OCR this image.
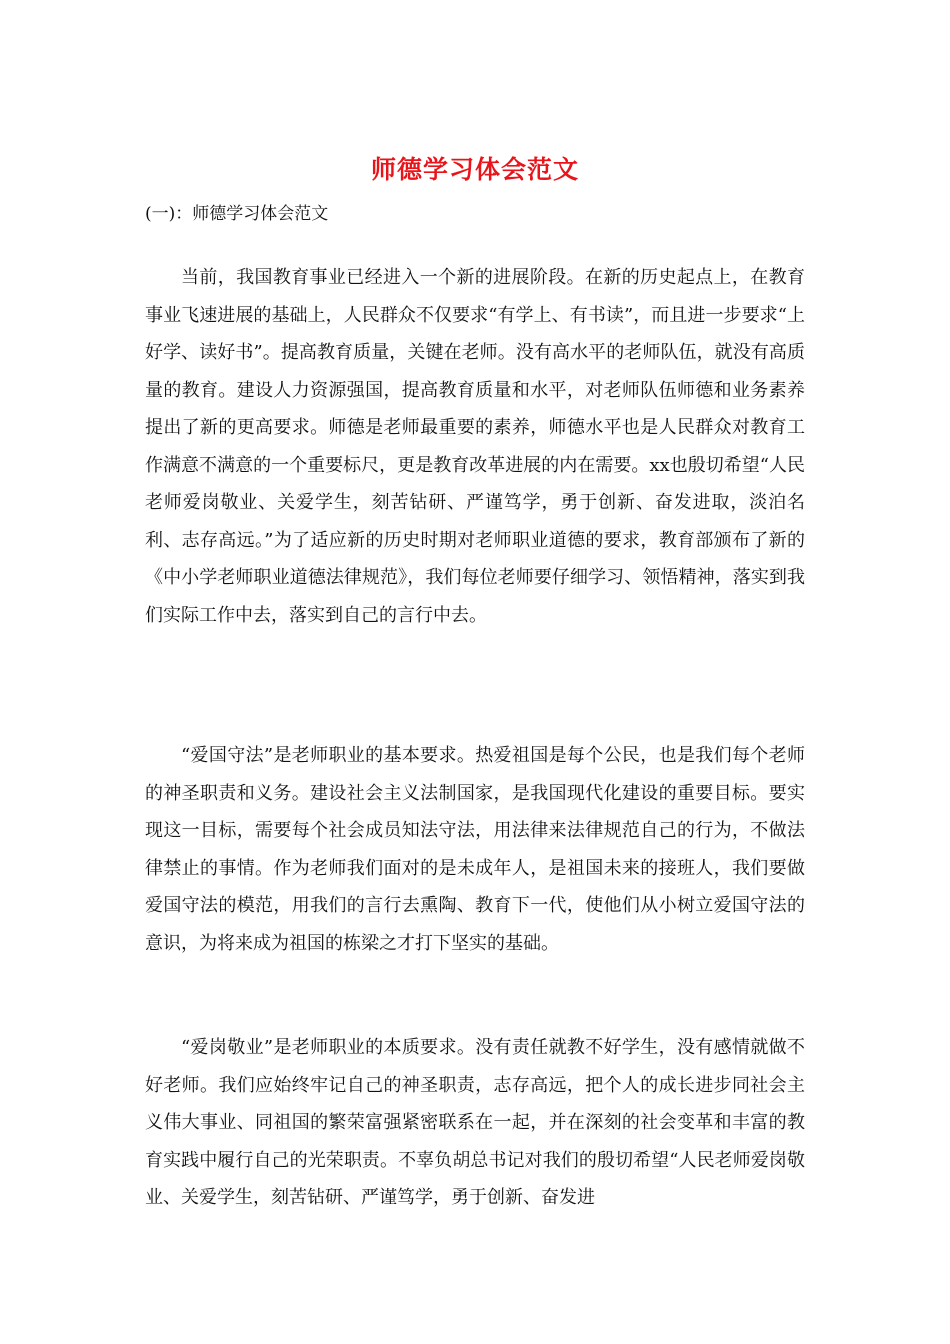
师德学习体会范文

(一)：师德学习体会范文

当前，我国教育事业已经进入一个新的进展阶段。在新的历史起点上，在教育事业飞速进展的基础上，人民群众不仅要求“有学上、有书读”，而且进一步要求“上好学、读好书”。提高教育质量，关键在老师。没有高水平的老师队伍，就没有高质量的教育。建设人力资源强国，提高教育质量和水平，对老师队伍师德和业务素养提出了新的更高要求。师德是老师最重要的素养，师德水平也是人民群众对教育工作满意不满意的一个重要标尺，更是教育改革进展的内在需要。xx也殷切希望“人民老师爱岗敬业、关爱学生，刻苦钻研、严谨笃学，勇于创新、奋发进取，淡泊名利、志存高远。”为了适应新的历史时期对老师职业道德的要求，教育部颁布了新的《中小学老师职业道德法律规范》，我们每位老师要仔细学习、领悟精神，落实到我们实际工作中去，落实到自己的言行中去。

“爱国守法”是老师职业的基本要求。热爱祖国是每个公民，也是我们每个老师的神圣职责和义务。建设社会主义法制国家，是我国现代化建设的重要目标。要实现这一目标，需要每个社会成员知法守法，用法律来法律规范自己的行为，不做法律禁止的事情。作为老师我们面对的是未成年人，是祖国未来的接班人，我们要做爱国守法的模范，用我们的言行去熏陶、教育下一代，使他们从小树立爱国守法的意识，为将来成为祖国的栋梁之才打下坚实的基础。

“爱岗敬业”是老师职业的本质要求。没有责任就教不好学生，没有感情就做不好老师。我们应始终牢记自己的神圣职责，志存高远，把个人的成长进步同社会主义伟大事业、同祖国的繁荣富强紧密联系在一起，并在深刻的社会变革和丰富的教育实践中履行自己的光荣职责。不辜负胡总书记对我们的殷切希望“人民老师爱岗敬业、关爱学生，刻苦钻研、严谨笃学，勇于创新、奋发进
